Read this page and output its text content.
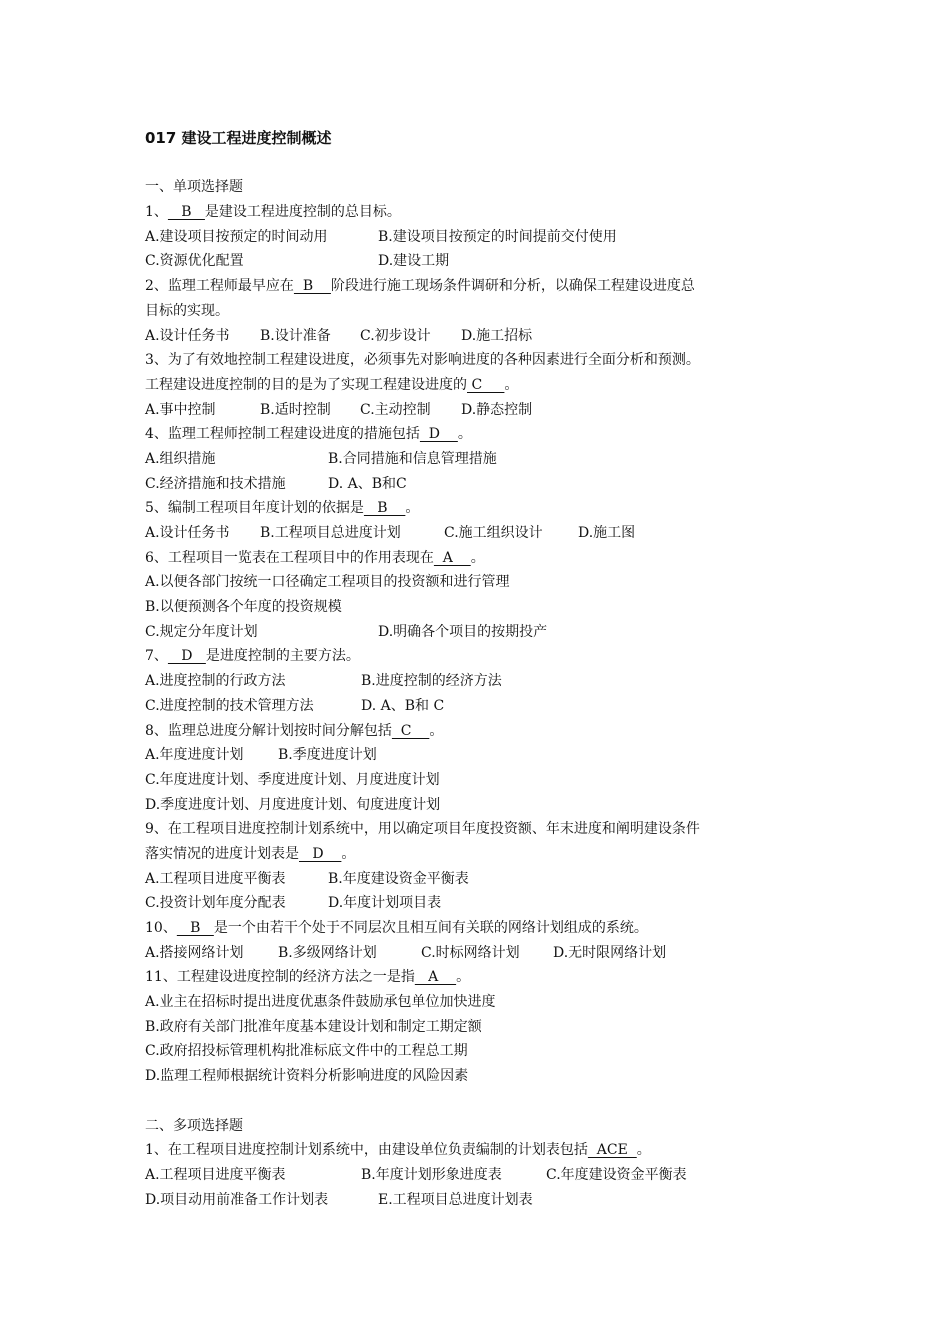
017 建设工程进度控制概述
一、单项选择题
1、   B   是建设工程进度控制的总目标。
A.建设项目按预定的时间动用	B.建设项目按预定的时间提前交付使用
C.资源优化配置	D.建设工期
2、监理工程师最早应在  B    阶段进行施工现场条件调研和分析，以确保工程建设进度总
目标的实现。
A.设计任务书 B.设计准备 C.初步设计 D.施工招标
3、为了有效地控制工程建设进度，必须事先对影响进度的各种因素进行全面分析和预测。
工程建设进度控制的目的是为了实现工程建设进度的 C     。
A.事中控制	B.适时控制 C.主动控制 D.静态控制
4、监理工程师控制工程建设进度的措施包括  D    。
A.组织措施	B.合同措施和信息管理措施
C.经济措施和技术措施	D. A、B和C
5、编制工程项目年度计划的依据是   B    。
A.设计任务书 B.工程项目总进度计划	C.施工组织设计	D.施工图
6、工程项目一览表在工程项目中的作用表现在  A    。
A.以便各部门按统一口径确定工程项目的投资额和进行管理
B.以便预测各个年度的投资规模
C.规定分年度计划	D.明确各个项目的按期投产
7、   D   是进度控制的主要方法。
A.进度控制的行政方法	B.进度控制的经济方法
C.进度控制的技术管理方法	D. A、B和 C
8、监理总进度分解计划按时间分解包括  C    。
A.年度进度计划 B.季度进度计划
C.年度进度计划、季度进度计划、月度进度计划
D.季度进度计划、月度进度计划、旬度进度计划
9、在工程项目进度控制计划系统中，用以确定项目年度投资额、年末进度和阐明建设条件
落实情况的进度计划表是   D    。
A.工程项目进度平衡表	B.年度建设资金平衡表
C.投资计划年度分配表	D.年度计划项目表
10、   B   是一个由若干个处于不同层次且相互间有关联的网络计划组成的系统。
A.搭接网络计划 B.多级网络计划	C.时标网络计划 D.无时限网络计划
11、工程建设进度控制的经济方法之一是指   A    。
A.业主在招标时提出进度优惠条件鼓励承包单位加快进度
B.政府有关部门批准年度基本建设计划和制定工期定额
C.政府招投标管理机构批准标底文件中的工程总工期
D.监理工程师根据统计资料分析影响进度的风险因素
二、多项选择题
1、在工程项目进度控制计划系统中，由建设单位负责编制的计划表包括  ACE  。
A.工程项目进度平衡表	B.年度计划形象进度表	C.年度建设资金平衡表
D.项目动用前准备工作计划表	E.工程项目总进度计划表
